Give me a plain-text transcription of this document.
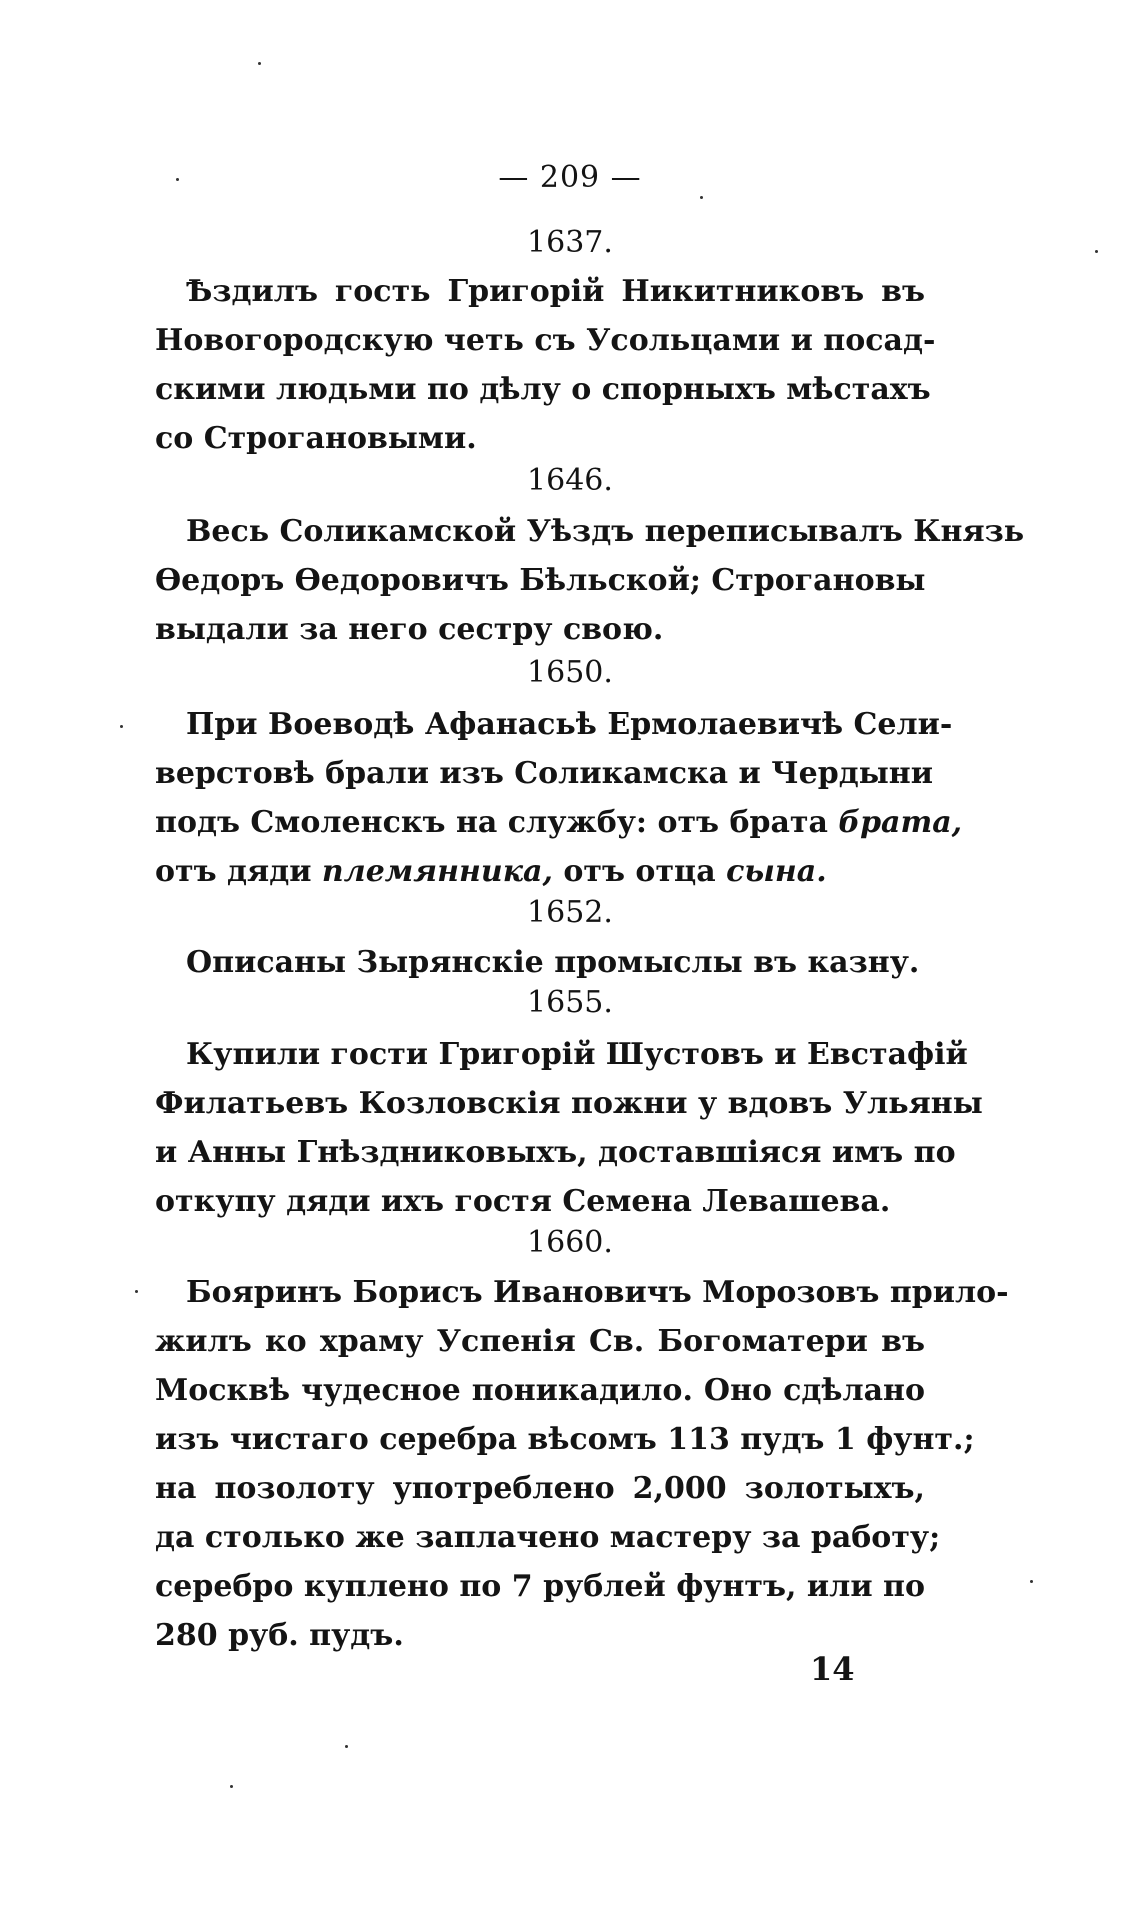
— 209 —
1637.
Ѣздилъ гость Григорій Никитниковъ въ
Новогородскую четь съ Усольцами и посад-
скими людьми по дѣлу о спорныхъ мѣстахъ
со Строгановыми.
1646.
Весь Соликамской Уѣздъ переписывалъ Князь
Ѳедоръ Ѳедоровичъ Бѣльской; Строгановы
выдали за него сестру свою.
1650.
При Воеводѣ Афанасьѣ Ермолаевичѣ Сели-
верстовѣ брали изъ Соликамска и Чердыни
подъ Смоленскъ на службу: отъ брата брата,
отъ дяди племянника, отъ отца сына.
1652.
Описаны Зырянскіе промыслы въ казну.
1655.
Купили гости Григорій Шустовъ и Евстафій
Филатьевъ Козловскія пожни у вдовъ Ульяны
и Анны Гнѣздниковыхъ, доставшіяся имъ по
откупу дяди ихъ гостя Семена Левашева.
1660.
Бояринъ Борисъ Ивановичъ Морозовъ прило-
жилъ ко храму Успенія Св. Богоматери въ
Москвѣ чудесное поникадило. Оно сдѣлано
изъ чистаго серебра вѣсомъ 113 пудъ 1 фунт.;
на позолоту употреблено 2,000 золотыхъ,
да столько же заплачено мастеру за работу;
серебро куплено по 7 рублей фунтъ, или по
280 руб. пудъ.
14
